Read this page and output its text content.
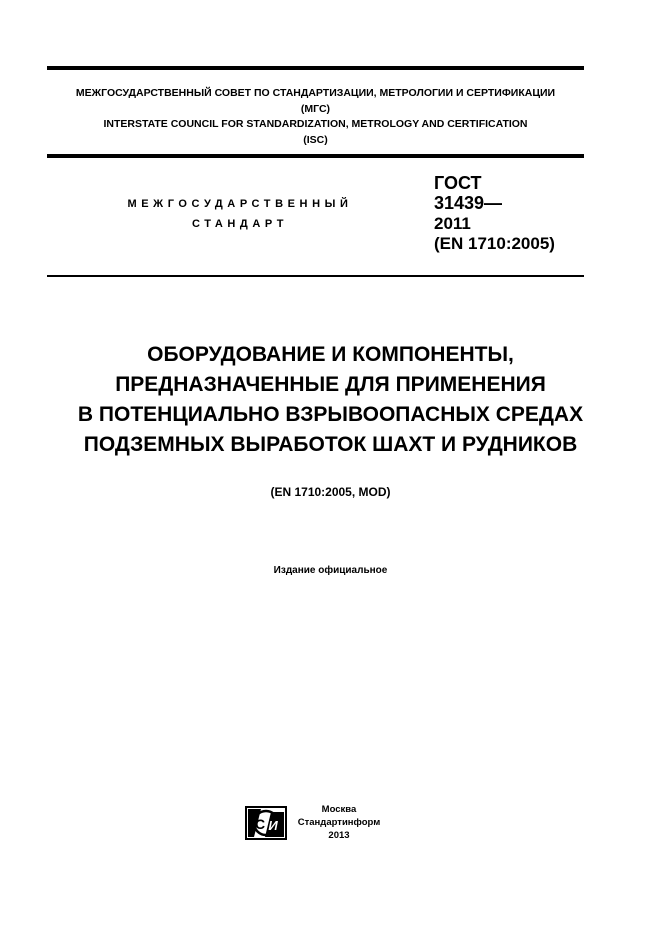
МЕЖГОСУДАРСТВЕННЫЙ СОВЕТ ПО СТАНДАРТИЗАЦИИ, МЕТРОЛОГИИ И СЕРТИФИКАЦИИ
(МГС)
INTERSTATE COUNCIL FOR STANDARDIZATION, METROLOGY AND CERTIFICATION
(ISC)
МЕЖГОСУДАРСТВЕННЫЙ
СТАНДАРТ
ГОСТ
31439—
2011
(EN 1710:2005)
ОБОРУДОВАНИЕ И КОМПОНЕНТЫ,
ПРЕДНАЗНАЧЕННЫЕ ДЛЯ ПРИМЕНЕНИЯ
В ПОТЕНЦИАЛЬНО ВЗРЫВООПАСНЫХ СРЕДАХ
ПОДЗЕМНЫХ ВЫРАБОТОК ШАХТ И РУДНИКОВ
(EN 1710:2005, MOD)
Издание официальное
И
С
Москва
Стандартинформ
2013
